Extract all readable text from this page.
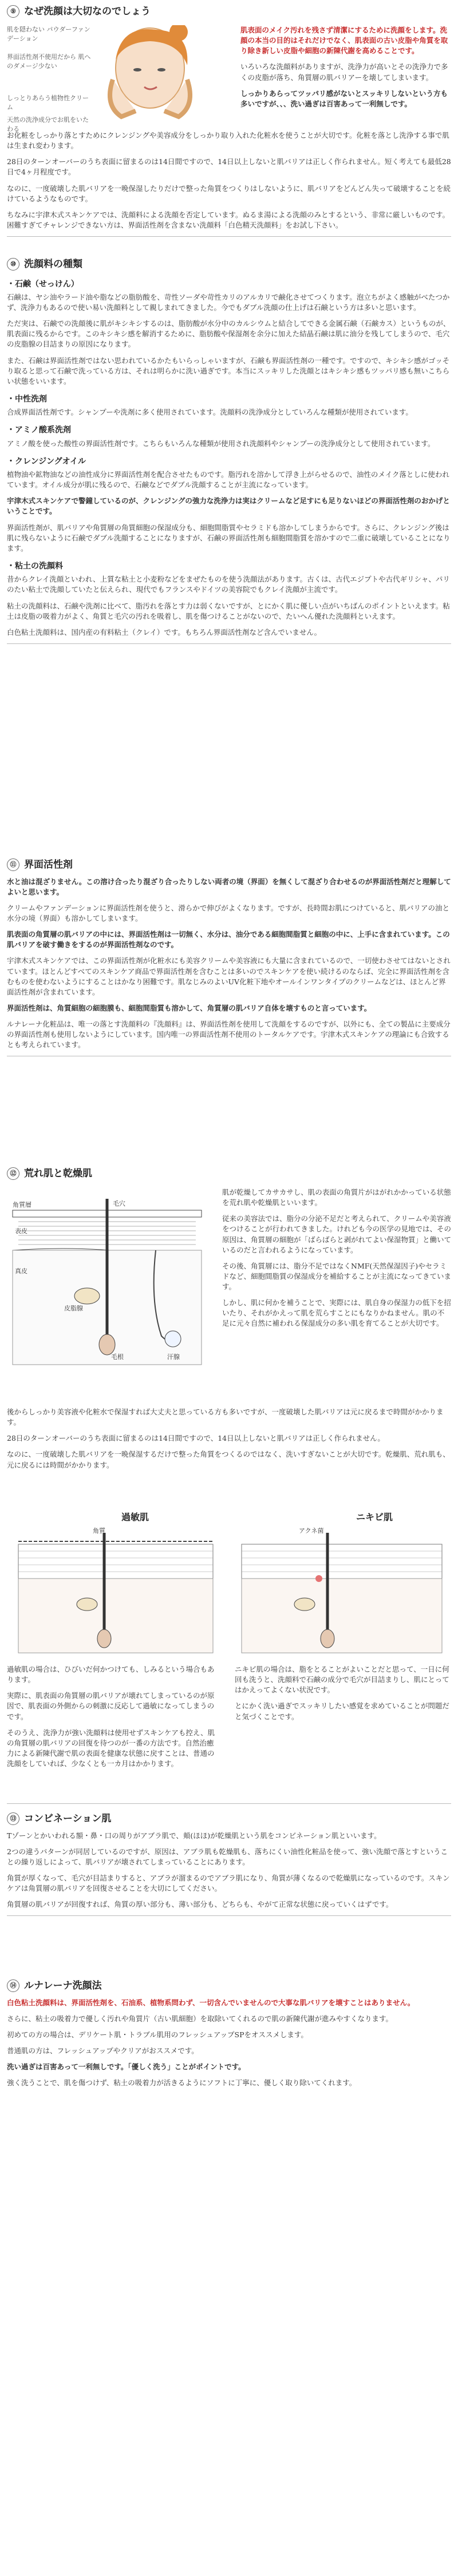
⑨ なぜ洗顔は大切なのでしょう
肌を隠わない パウダーファンデーション
界面活性剤不使用だから 肌へのダメージ少ない
しっとりあらう植物性クリーム
天然の洗浄成分でお肌をいたわる

肌表面のメイク汚れを残さず清潔にするために洗顔をします。洗顔の本当の目的はそれだけでなく、肌表面の古い皮脂や角質を取り除き新しい皮脂や細胞の新陳代謝を高めることです。

いろいろな洗顔料がありますが、洗浄力が高いとその洗浄力で多くの皮脂が落ち、角質層の肌バリアーを壊してしまいます。

しっかりあらってツッパリ感がないとスッキリしないという方も多いですが、、、洗い過ぎは百害あって一利無しです。

お化粧をしっかり落とすためにクレンジングや美容成分をしっかり取り入れた化粧水を使うことが大切です。化粧を落とし洗浄する事で肌は生まれ変わります。

28日のターンオーバーのうち表面に留まるのは14日間ですので、14日以上しないと肌バリアは正しく作られません。短く考えても最低28日で4ヶ月程度です。

なのに、一度破壊した肌バリアを一晩保湿したりだけで整った角質をつくりはしないように、肌バリアをどんどん失って破壊することを続けているようなものです。

ちなみに宇津木式スキンケアでは、洗顔料による洗顔を否定しています。ぬるま湯による洗顔のみとするという、非常に厳しいものです。困難すぎてチャレンジできない方は、界面活性剤を含まない洗顔料「白色精天洗顔料」をお試し下さい。

⑩ 洗顔料の種類
・石鹸（せっけん）

石鹸は、ヤシ油やラード油や脂などの脂肪酸を、苛性ソーダや苛性カリのアルカリで鹸化させてつくります。泡立ちがよく感触がべたつかず、洗浄力もあるので使い易い洗顔料として親しまれてきました。今でもダブル洗顔の仕上げは石鹸という方は多いと思います。

ただ実は、石鹸での洗顔後に肌がキシキシするのは、脂肪酸が水分中のカルシウムと結合してできる金属石鹸（石鹸カス）というものが、肌表面に残るからです。このキシキシ感を解消するために、脂肪酸や保湿剤を余分に加えた結晶石鹸は肌に油分を残してしまうので、毛穴の皮脂腺の目詰まりの原因になります。

また、石鹸は界面活性剤ではない思われているかたもいらっしゃいますが、石鹸も界面活性剤の一種です。ですので、キシキシ感がゴッそり取ると思って石鹸で洗っている方は、それは明らかに洗い過ぎです。本当にスッキリした洗顔とはキシキシ感もツッパリ感も無いこちらい状態をいいます。

・中性洗剤

合成界面活性剤です。シャンプーや洗剤に多く使用されています。洗顔料の洗浄成分としていろんな種類が使用されています。

・アミノ酸系洗剤

アミノ酸を使った酸性の界面活性剤です。こちらもいろんな種類が使用され洗顔料やシャンプーの洗浄成分として使用されています。

・クレンジングオイル

植物油や鉱物油などの油性成分に界面活性剤を配合させたものです。脂汚れを溶かして浮き上がらせるので、油性のメイク落としに使われています。オイル成分が肌に残るので、石鹸などでダブル洗顔することが主流になっています。

宇津木式スキンケアで警鐘しているのが、クレンジングの強力な洗浄力は実はクリームなど足すにも足りないほどの界面活性剤のおかげということです。

界面活性剤が、肌バリアや角質層の角質細胞の保湿成分も、細胞間脂質やセラミドも溶かしてしまうからです。さらに、クレンジング後は肌に残らないように石鹸でダブル洗顔することになりますが、石鹸の界面活性剤も細胞間脂質を溶かすので二重に破壊していることになります。

・粘土の洗顔料

昔からクレイ洗顔といわれ、上質な粘土と小麦粉などをまぜたものを使う洗顔法があります。古くは、古代エジプトや古代ギリシャ、パリのたい粘土で洗顔していたと伝えられ、現代でもフランスやドイツの美容院でもクレイ洗顔が主流です。

粘土の洗顔料は、石鹸や洗剤に比べて、脂汚れを落とす力は弱くないですが、とにかく肌に優しい点がいちばんのポイントといえます。粘土は皮脂の吸着力がよく、角質と毛穴の汚れを吸着し、肌を傷つけることがないので、たいへん優れた洗顔料といえます。

白色粘土洗顔料は、国内産の有料粘土（クレイ）です。もちろん界面活性剤など含んでいません。

⑪ 界面活性剤

水と油は混ざりません。この溶け合ったり混ざり合ったりしない両者の境（界面）を無くして混ざり合わせるのが界面活性剤だと理解してよいと思います。

クリームやファンデーションに界面活性剤を使うと、滑らかで伸びがよくなります。ですが、長時間お肌につけていると、肌バリアの油と水分の境（界面）も溶かしてしまいます。

肌表面の角質層の肌バリアの中には、界面活性剤は一切無く、水分は、油分である細胞間脂質と細胞の中に、上手に含まれています。この肌バリアを破す働きをするのが界面活性剤なのです。

宇津木式スキンケアでは、この界面活性剤が化粧水にも美容クリームや美容液にも大量に含まれているので、一切使わさせてはないとされています。ほとんどすべてのスキンケア商品で界面活性剤を含むことは多いのでスキンケアを使い続けるのならば、完全に界面活性剤を含むものを使わないようにすることはかなり困難です。肌なじみのよいUV化粧下地やオールインワンタイプのクリームなどは、ほとんど界面活性剤が含まれています。

界面活性剤は、角質細胞の細胞膜も、細胞間脂質も溶かして、角質層の肌バリア自体を壊すものと言っています。

ルナレーナ化粧品は、唯一の落とす洗顔料の『洗顔料』は、界面活性剤を使用して洗顔をするのですが、以外にも、全ての製品に主要成分の界面活性剤も使用しないようにしています。国内唯一の界面活性剤不使用のトータルケアです。宇津木式スキンケアの理論にも合致するとも考えられています。

⑫ 荒れ肌と乾燥肌
角質層
表皮
真皮
毛穴
皮脂腺
毛根	汗腺

肌が乾燥してカサカサし、肌の表面の角質片がはがれかかっている状態を荒れ肌や乾燥肌といいます。

従来の美容法では、脂分の分泌不足だと考えられて、クリームや美容液をつけることが行われてきました。けれども今の医学の見地では、その原因は、角質層の細胞が「ばらばらと剥がれてよい保湿物質」と働いているのだと言われるようになっています。

その後、角質層には、脂分不足ではなくNMF(天然保湿因子)やセラミドなど、細胞間脂質の保湿成分を補給することが主流になってきています。

しかし、肌に何かを補うことで、実際には、肌自身の保湿力の低下を招いたり、それがかえって肌を荒らすことにもなりかねません。肌の不足に元々自然に補われる保湿成分の多い肌を育てることが大切です。

後からしっかり美容液や化粧水で保湿すれば大丈夫と思っている方も多いですが、一度破壊した肌バリアは元に戻るまで時間がかかります。

28日のターンオーバーのうち表面に留まるのは14日間ですので、14日以上しないと肌バリアは正しく作られません。

なのに、一度破壊した肌バリアを一晩保湿するだけで整った角質をつくるのではなく、洗いすぎないことが大切です。乾燥肌、荒れ肌も、元に戻るには時間がかかります。

過敏肌
角質
ニキビ肌
アクネ菌

過敏肌の場合は、ひびいだ何かつけても、しみるという場合もあります。

実際に、肌表面の角質層の肌バリアが壊れてしまっているのが原因で、肌表面の外側からの刺激に反応して過敏になってしまうのです。

そのうえ、洗浄力が強い洗顔料は使用せずスキンケアも控え、肌の角質層の肌バリアの回復を待つのが一番の方法です。自然治癒力による新陳代謝で肌の表面を健康な状態に戻すことは、普通の洗顔をしていれば、少なくとも一カ月はかかります。

ニキビ肌の場合は、脂をとることがよいことだと思って、一日に何回も洗うと、洗顔料で石鹸の成分で毛穴が目詰まりし、肌にとってはかえってよくない状況です。

とにかく洗い過ぎでスッキリしたい感覚を求めていることが問題だと気づくことです。

⑬ コンビネーション肌

Tゾーンとかいわれる額・鼻・口の周りがアブラ肌で、頬(ほほ)が乾燥肌という肌をコンビネーション肌といいます。

2つの違うパターンが同居しているのですが、原因は、アブラ肌も乾燥肌も、落ちにくい油性化粧品を使って、強い洗顔で落とすということの繰り返しによって、肌バリアが壊されてしまっていることにあります。

角質が厚くなって、毛穴が目詰まりすると、アブラが溜まるのでアブラ肌になり、角質が薄くなるので乾燥肌になっているのです。スキンケアは角質層の肌バリアを回復させることを大切にしてください。

角質層の肌バリアが回復すれば、角質の厚い部分も、薄い部分も、どちらも、やがて正常な状態に戻っていくはずです。

⑭ ルナレーナ洗顔法

白色粘土洗顔料は、界面活性剤を、石油系、植物系問わず、一切含んでいませんので大事な肌バリアを壊すことはありません。

さらに、粘土の吸着力で優しく汚れや角質片（古い肌細胞）を取除いてくれるので肌の新陳代謝が進みやすくなります。

初めての方の場合は、デリケート肌・トラブル肌用のフレッシュアップSPをオススメします。

普通肌の方は、フレッシュアップやクリアがおススメです。

洗い過ぎは百害あって一利無しです。「優しく洗う」ことがポイントです。

強く洗うことで、肌を傷つけず、粘土の吸着力が活きるようにソフトに丁寧に、優しく取り除いてくれます。
